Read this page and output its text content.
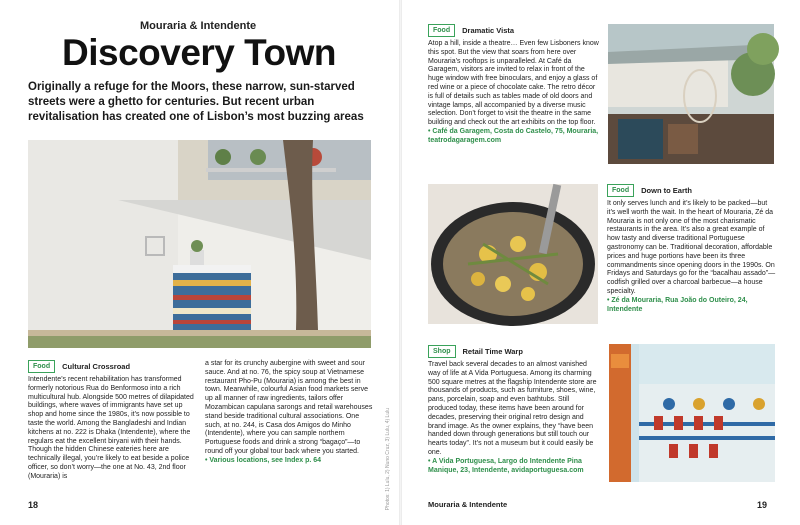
Mouraria & Intendente
Discovery Town
Originally a refuge for the Moors, these narrow, sun-starved streets were a ghetto for centuries. But recent urban revitalisation has created one of Lisbon’s most buzzing areas
Food	Cultural Crossroad

Intendente’s recent rehabilitation has transformed formerly notorious Rua do Benformoso into a rich multicultural hub. Alongside 500 metres of dilapidated buildings, where waves of immigrants have set up shop and home since the 1980s, it’s now possible to taste the world. Among the Bangladeshi and Indian kitchens at no. 222 is Dhaka (Intendente), where the regulars eat the excellent biryani with their hands. Though the hidden Chinese eateries here are technically illegal, you’re likely to eat beside a police officer, so don’t worry—the one at No. 43, 2nd floor (Mouraria) is

a star for its crunchy aubergine with sweet and sour sauce. And at no. 76, the spicy soup at Vietnamese restaurant Pho-Pu (Mouraria) is among the best in town. Meanwhile, colourful Asian food markets serve up all manner of raw ingredients, tailors offer Mozambican capulana sarongs and retail warehouses stand beside traditional cultural associations. One such, at no. 244, is Casa dos Amigos do Minho (Intendente), where you can sample northern Portuguese foods and drink a strong “bagaço”—to round off your global tour back where you started.

• Various locations, see Index p. 64	Photos: 1) Lulu, 2) Nuno Cruz, 3) Lulu, 4) Lulu
18
Food	Dramatic Vista

Atop a hill, inside a theatre… Even few Lisboners know this spot. But the view that soars from here over Mouraria’s rooftops is unparalleled. At Café da Garagem, visitors are invited to relax in front of the huge window with free binoculars, and enjoy a glass of red wine or a piece of chocolate cake. The retro décor is full of details such as tables made of old doors and vintage lamps, all accompanied by a diverse music selection. Don’t forget to visit the theatre in the same building and check out the art exhibits on the top floor.

• Café da Garagem, Costa do Castelo, 75, Mouraria, teatrodagaragem.com

Food	Down to Earth

It only serves lunch and it’s likely to be packed—but it’s well worth the wait. In the heart of Mouraria, Zé da Mouraria is not only one of the most charismatic restaurants in the area. It’s also a great example of how tasty and diverse traditional Portuguese gastronomy can be. Traditional decoration, affordable prices and huge portions have been its three commandments since opening doors in the 1990s. On Fridays and Saturdays go for the “bacalhau assado”—codfish grilled over a charcoal barbecue—a house specialty.

• Zé da Mouraria, Rua João do Outeiro, 24, Intendente

Shop	Retail Time Warp

Travel back several decades to an almost vanished way of life at A Vida Portuguesa. Among its charming 500 square metres at the flagship Intendente store are thousands of products, such as furniture, shoes, wine, pans, porcelain, soap and even bathtubs. Still produced today, these items have been around for decades, preserving their original retro design and brand image. As the owner explains, they “have been handed down through generations but still touch our hearts today”. It’s not a museum but it could easily be one.

• A Vida Portuguesa, Largo do Intendente Pina Manique, 23, Intendente, avidaportuguesa.com

Mouraria & Intendente	19
